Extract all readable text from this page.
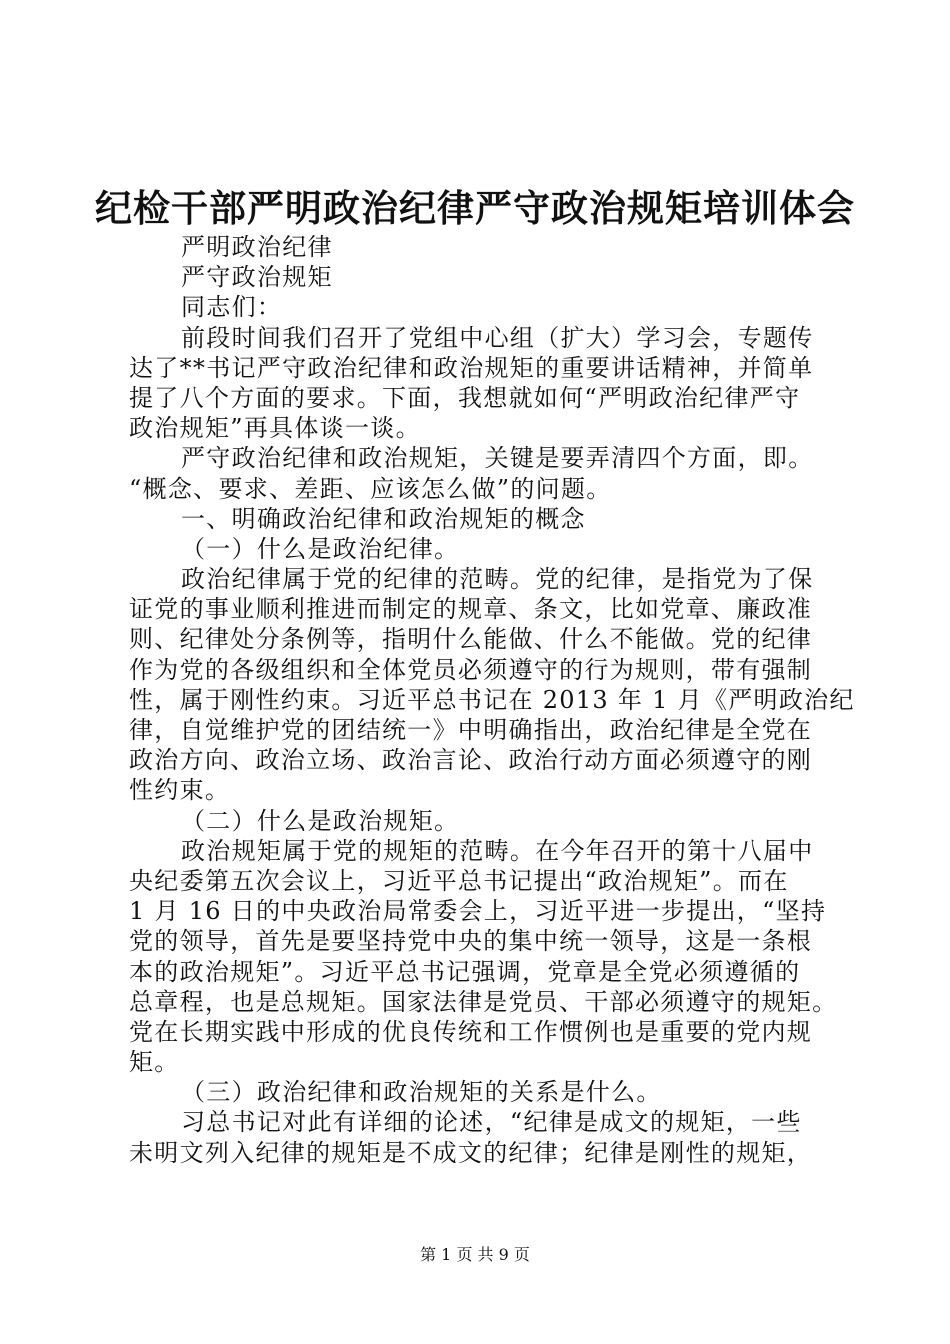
纪检干部严明政治纪律严守政治规矩培训体会
严明政治纪律
严守政治规矩
同志们：
前段时间我们召开了党组中心组（扩大）学习会，专题传
达了**书记严守政治纪律和政治规矩的重要讲话精神，并简单
提了八个方面的要求。下面，我想就如何“严明政治纪律严守
政治规矩”再具体谈一谈。
严守政治纪律和政治规矩，关键是要弄清四个方面，即。
“概念、要求、差距、应该怎么做”的问题。
一、明确政治纪律和政治规矩的概念
（一）什么是政治纪律。
政治纪律属于党的纪律的范畴。党的纪律，是指党为了保
证党的事业顺利推进而制定的规章、条文，比如党章、廉政准
则、纪律处分条例等，指明什么能做、什么不能做。党的纪律
作为党的各级组织和全体党员必须遵守的行为规则，带有强制
性，属于刚性约束。习近平总书记在 2013 年 1 月《严明政治纪
律，自觉维护党的团结统一》中明确指出，政治纪律是全党在
政治方向、政治立场、政治言论、政治行动方面必须遵守的刚
性约束。
（二）什么是政治规矩。
政治规矩属于党的规矩的范畴。在今年召开的第十八届中
央纪委第五次会议上，习近平总书记提出“政治规矩”。而在
1 月 16 日的中央政治局常委会上，习近平进一步提出，“坚持
党的领导，首先是要坚持党中央的集中统一领导，这是一条根
本的政治规矩”。习近平总书记强调，党章是全党必须遵循的
总章程，也是总规矩。国家法律是党员、干部必须遵守的规矩。
党在长期实践中形成的优良传统和工作惯例也是重要的党内规
矩。
（三）政治纪律和政治规矩的关系是什么。
习总书记对此有详细的论述，“纪律是成文的规矩，一些
未明文列入纪律的规矩是不成文的纪律；纪律是刚性的规矩，
第 1 页 共 9 页
